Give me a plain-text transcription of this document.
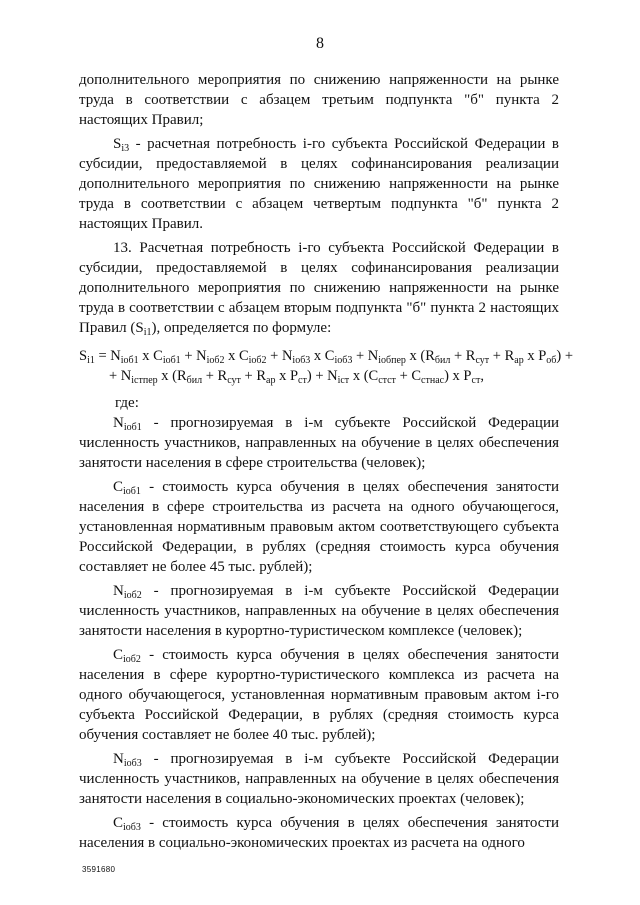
8

дополнительного мероприятия по снижению напряженности на рынке труда в соответствии с абзацем третьим подпункта "б" пункта 2 настоящих Правил;

$S_{i3}$ - расчетная потребность i-го субъекта Российской Федерации в субсидии, предоставляемой в целях софинансирования реализации дополнительного мероприятия по снижению напряженности на рынке труда в соответствии с абзацем четвертым подпункта "б" пункта 2 настоящих Правил.

13. Расчетная потребность i-го субъекта Российской Федерации в субсидии, предоставляемой в целях софинансирования реализации дополнительного мероприятия по снижению напряженности на рынке труда в соответствии с абзацем вторым подпункта "б" пункта 2 настоящих Правил $(S_{i1})$, определяется по формуле:

$S_{i1} = N_{iоб1}$ x $C_{iоб1} + N_{iоб2}$ x $C_{iоб2} + N_{iоб3}$ x $C_{iоб3} + N_{iобпер}$ x ($R_{бил} + R_{сут} + R_{ар}$ x $P_{об}$) +
+ $N_{iстпер}$ x ($R_{бил} + R_{сут} + R_{ар}$ x $P_{ст}) + N_{iст}$ x $(C_{стст} + C_{стнас})$ x $P_{ст}$,
где:

$N_{iоб1}$ - прогнозируемая в i-м субъекте Российской Федерации численность участников, направленных на обучение в целях обеспечения занятости населения в сфере строительства (человек);

$C_{iоб1}$ - стоимость курса обучения в целях обеспечения занятости населения в сфере строительства из расчета на одного обучающегося, установленная нормативным правовым актом соответствующего субъекта Российской Федерации, в рублях (средняя стоимость курса обучения составляет не более 45 тыс. рублей);

$N_{iоб2}$ - прогнозируемая в i-м субъекте Российской Федерации численность участников, направленных на обучение в целях обеспечения занятости населения в курортно-туристическом комплексе (человек);

$C_{iоб2}$ - стоимость курса обучения в целях обеспечения занятости населения в сфере курортно-туристического комплекса из расчета на одного обучающегося, установленная нормативным правовым актом i-го субъекта Российской Федерации, в рублях (средняя стоимость курса обучения составляет не более 40 тыс. рублей);

$N_{iоб3}$ - прогнозируемая в i-м субъекте Российской Федерации численность участников, направленных на обучение в целях обеспечения занятости населения в социально-экономических проектах (человек);

$C_{iоб3}$ - стоимость курса обучения в целях обеспечения занятости населения в социально-экономических проектах из расчета на одного

3591680
